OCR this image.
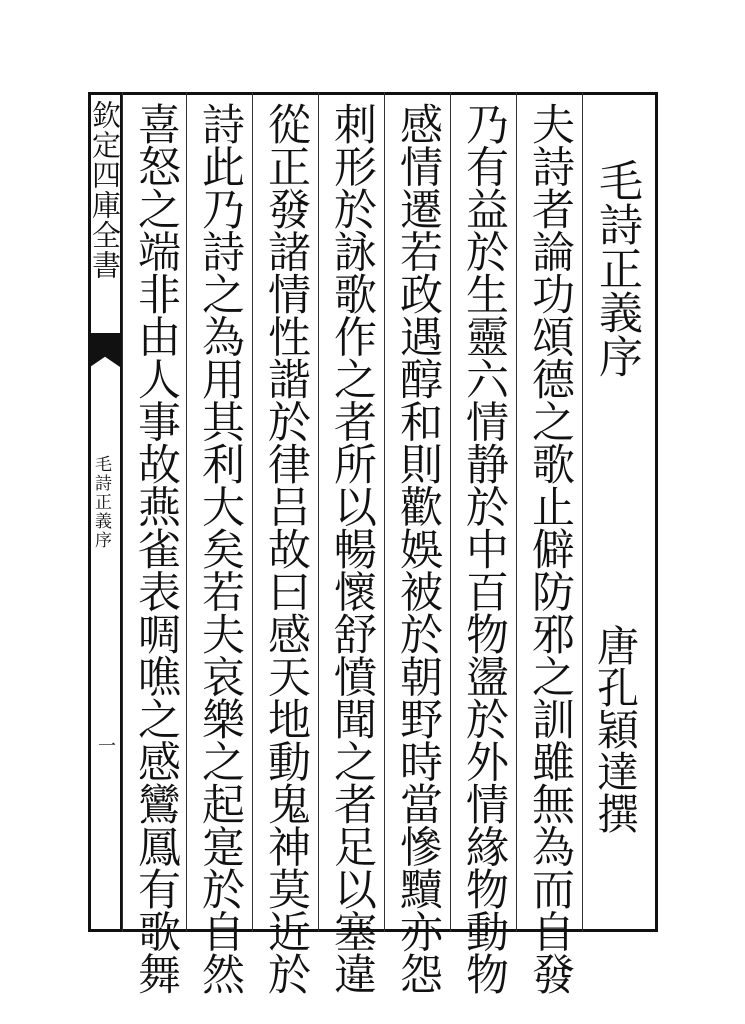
欽定四庫全書
毛詩正義序
一
毛詩正義序
唐孔穎達撰
夫詩者論功頌德之歌止僻防邪之訓雖無為而自發
乃有益於生靈六情静於中百物盪於外情緣物動物
感情遷若政遇醇和則歡娛被於朝野時當慘黷亦怨
刺形於詠歌作之者所以暢懷舒憤聞之者足以塞違
從正發諸情性諧於律吕故曰感天地動鬼神莫近於
詩此乃詩之為用其利大矣若夫哀樂之起寔於自然
喜怒之端非由人事故燕雀表啁噍之感鸞鳳有歌舞
